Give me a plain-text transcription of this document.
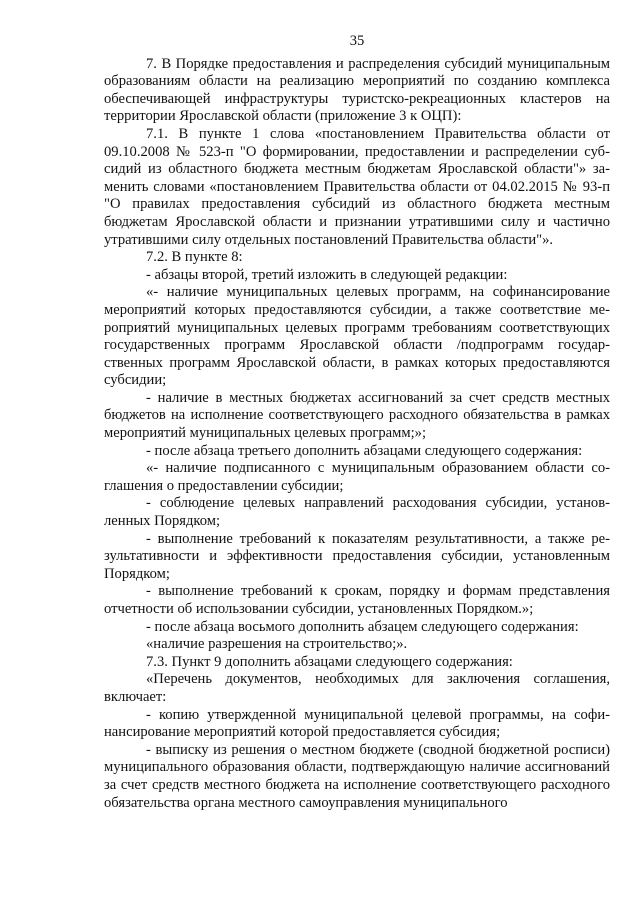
35

7. В Порядке предоставления и распределения субсидий муниципальным образованиям области на реализацию мероприятий по созданию комплекса обеспечивающей инфраструктуры туристско-рекреационных кластеров на территории Ярославской области (приложение 3 к ОЦП):

7.1. В пункте 1 слова «постановлением Правительства области от 09.10.2008 № 523-п "О формировании, предоставлении и распределении субсидий из областного бюджета местным бюджетам Ярославской области"» заменить словами «постановлением Правительства области от 04.02.2015 № 93-п "О правилах предоставления субсидий из областного бюджета местным бюджетам Ярославской области и признании утратившими силу и частично утратившими силу отдельных постановлений Правительства области"».

7.2. В пункте 8:

- абзацы второй, третий изложить в следующей редакции:

«- наличие муниципальных целевых программ, на софинансирование мероприятий которых предоставляются субсидии, а также соответствие мероприятий муниципальных целевых программ требованиям соответствующих государственных программ Ярославской области /подпрограмм государственных программ Ярославской области, в рамках которых предоставляются субсидии;

- наличие в местных бюджетах ассигнований за счет средств местных бюджетов на исполнение соответствующего расходного обязательства в рамках мероприятий муниципальных целевых программ;»;

- после абзаца третьего дополнить абзацами следующего содержания:

«- наличие подписанного с муниципальным образованием области соглашения о предоставлении субсидии;

- соблюдение целевых направлений расходования субсидии, установленных Порядком;

- выполнение требований к показателям результативности, а также результативности и эффективности предоставления субсидии, установленным Порядком;

- выполнение требований к срокам, порядку и формам представления отчетности об использовании субсидии, установленных Порядком.»;

- после абзаца восьмого дополнить абзацем следующего содержания:

«наличие разрешения на строительство;».

7.3. Пункт 9 дополнить абзацами следующего содержания:

«Перечень документов, необходимых для заключения соглашения, включает:

- копию утвержденной муниципальной целевой программы, на софинансирование мероприятий которой предоставляется субсидия;

- выписку из решения о местном бюджете (сводной бюджетной росписи) муниципального образования области, подтверждающую наличие ассигнований за счет средств местного бюджета на исполнение соответствующего расходного обязательства органа местного самоуправления муниципального
